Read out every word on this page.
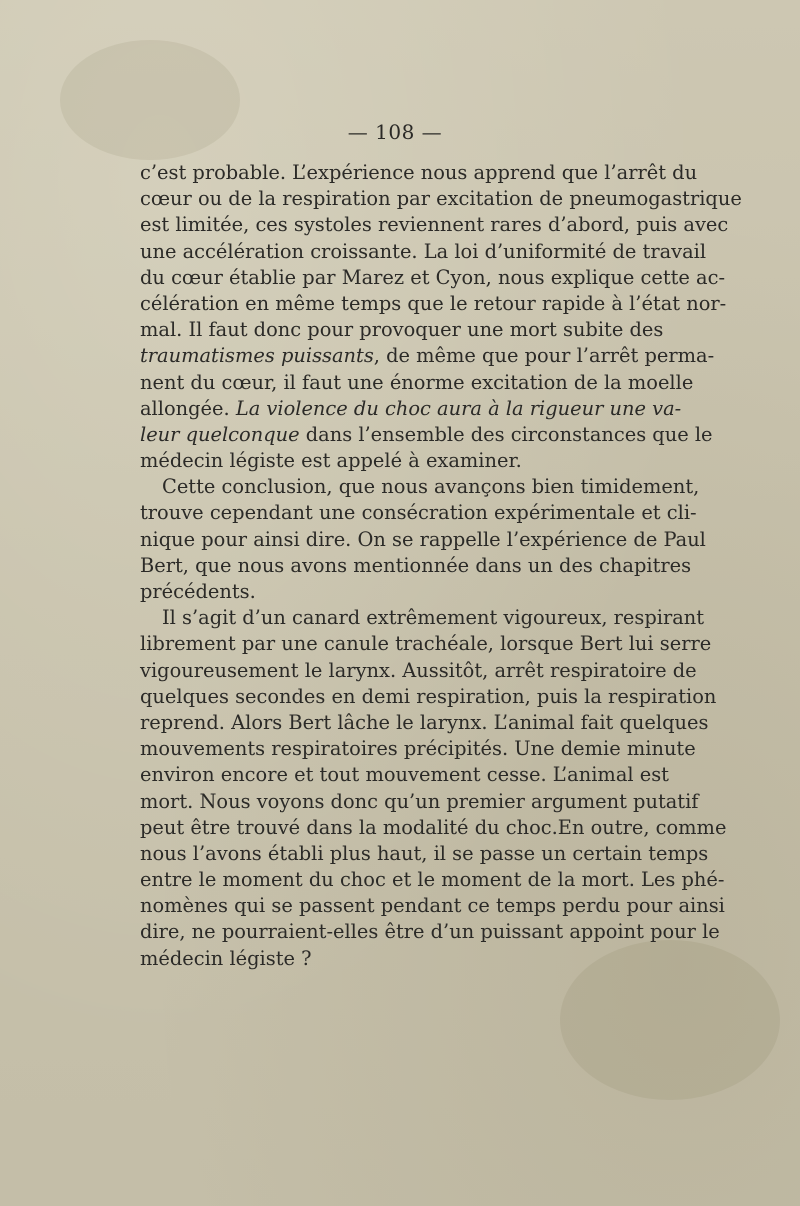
— 108 —
c’est probable. L’expérience nous apprend que l’arrêt du
cœur ou de la respiration par excitation de pneumogastrique
est limitée, ces systoles reviennent rares d’abord, puis avec
une accélération croissante. La loi d’uniformité de travail
du cœur établie par Marez et Cyon, nous explique cette ac-
célération en même temps que le retour rapide à l’état nor-
mal. Il faut donc pour provoquer une mort subite des
traumatismes puissants, de même que pour l’arrêt perma-
nent du cœur, il faut une énorme excitation de la moelle
allongée. La violence du choc aura à la rigueur une va-
leur quelconque dans l’ensemble des circonstances que le
médecin légiste est appelé à examiner.
Cette conclusion, que nous avançons bien timidement,
trouve cependant une consécration expérimentale et cli-
nique pour ainsi dire. On se rappelle l’expérience de Paul
Bert, que nous avons mentionnée dans un des chapitres
précédents.
Il s’agit d’un canard extrêmement vigoureux, respirant
librement par une canule trachéale, lorsque Bert lui serre
vigoureusement le larynx. Aussitôt, arrêt respiratoire de
quelques secondes en demi respiration, puis la respiration
reprend. Alors Bert lâche le larynx. L’animal fait quelques
mouvements respiratoires précipités. Une demie minute
environ encore et tout mouvement cesse. L’animal est
mort. Nous voyons donc qu’un premier argument putatif
peut être trouvé dans la modalité du choc.En outre, comme
nous l’avons établi plus haut, il se passe un certain temps
entre le moment du choc et le moment de la mort. Les phé-
nomènes qui se passent pendant ce temps perdu pour ainsi
dire, ne pourraient-elles être d’un puissant appoint pour le
médecin légiste ?
